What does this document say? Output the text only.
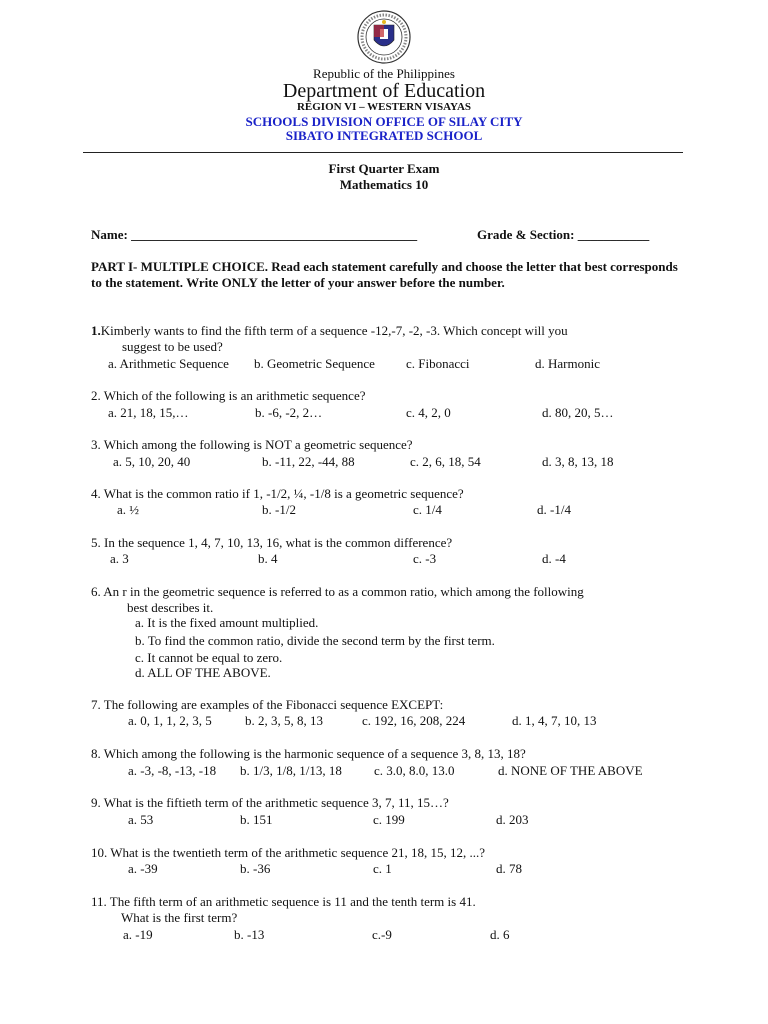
Republic of the Philippines
Department of Education
REGION VI – WESTERN VISAYAS
SCHOOLS DIVISION OFFICE OF SILAY CITY
SIBATO INTEGRATED SCHOOL
First Quarter Exam
Mathematics 10
Name: ____________________________________________	Grade & Section: ___________
PART I- MULTIPLE CHOICE. Read each statement carefully and choose the letter that best corresponds to the statement. Write ONLY the letter of your answer before the number.
1.Kimberly wants to find the fifth term of a sequence -12,-7, -2, -3. Which concept will you
suggest to be used?
a. Arithmetic Sequence b. Geometric Sequence c. Fibonacci	d. Harmonic
2. Which of the following is an arithmetic sequence?
a. 21, 18, 15,…	b. -6, -2, 2…	c. 4, 2, 0	d. 80, 20, 5…
3. Which among the following is NOT a geometric sequence?
a. 5, 10, 20, 40	b. -11, 22, -44, 88	c. 2, 6, 18, 54	d. 3, 8, 13, 18
4. What is the common ratio if 1, -1/2, ¼, -1/8 is a geometric sequence?
a. ½	b. -1/2	c. 1/4	d. -1/4
5. In the sequence 1, 4, 7, 10, 13, 16, what is the common difference?
a. 3	b. 4	c. -3	d. -4
6. An r in the geometric sequence is referred to as a common ratio, which among the following
best describes it.
a. It is the fixed amount multiplied.
b. To find the common ratio, divide the second term by the first term.
c. It cannot be equal to zero.
d. ALL OF THE ABOVE.
7. The following are examples of the Fibonacci sequence EXCEPT:
a. 0, 1, 1, 2, 3, 5	b. 2, 3, 5, 8, 13	c. 192, 16, 208, 224	d. 1, 4, 7, 10, 13
8. Which among the following is the harmonic sequence of a sequence 3, 8, 13, 18?
a. -3, -8, -13, -18 b. 1/3, 1/8, 1/13, 18 c. 3.0, 8.0, 13.0	d. NONE OF THE ABOVE
9. What is the fiftieth term of the arithmetic sequence 3, 7, 11, 15…?
a. 53	b. 151	c. 199	d. 203
10. What is the twentieth term of the arithmetic sequence 21, 18, 15, 12, ...?
a. -39	b. -36	c. 1	d. 78
11. The fifth term of an arithmetic sequence is 11 and the tenth term is 41.
What is the first term?
a. -19	b. -13	c.-9	d. 6
